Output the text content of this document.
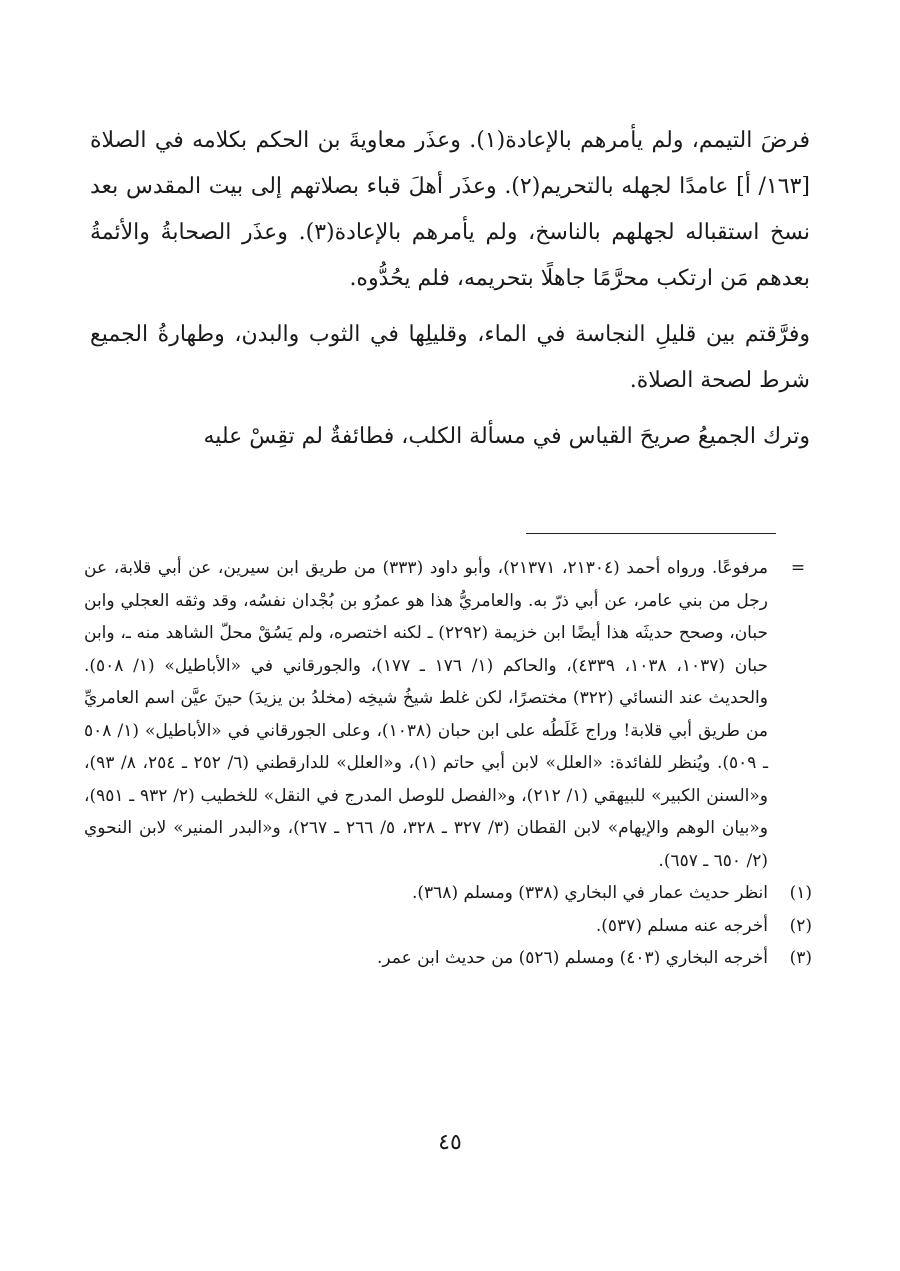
فرضَ التيمم، ولم يأمرهم بالإعادة(١). وعذَر معاويةَ بن الحكم بكلامه في الصلاة [١٦٣/ أ] عامدًا لجهله بالتحريم(٢). وعذَر أهلَ قباء بصلاتهم إلى بيت المقدس بعد نسخ استقباله لجهلهم بالناسخ، ولم يأمرهم بالإعادة(٣). وعذَر الصحابةُ والأئمةُ بعدهم مَن ارتكب محرَّمًا جاهلًا بتحريمه، فلم يحُدُّوه.

وفرَّقتم بين قليلِ النجاسة في الماء، وقليلِها في الثوب والبدن، وطهارةُ الجميع شرط لصحة الصلاة.

وترك الجميعُ صريحَ القياس في مسألة الكلب، فطائفةٌ لم تقِسْ عليه

=
مرفوعًا. ورواه أحمد (٢١٣٠٤، ٢١٣٧١)، وأبو داود (٣٣٣) من طريق ابن سيرين، عن أبي قلابة، عن رجل من بني عامر، عن أبي ذرّ به. والعامريُّ هذا هو عمرُو بن بُجْدان نفسُه، وقد وثقه العجلي وابن حبان، وصحح حديثَه هذا أيضًا ابن خزيمة (٢٢٩٢) ـ لكنه اختصره، ولم يَسُقْ محلّ الشاهد منه ـ، وابن حبان (١٠٣٧، ١٠٣٨، ٤٣٣٩)، والحاكم (١/ ١٧٦ ـ ١٧٧)، والجورقاني في «الأباطيل» (١/ ٥٠٨). والحديث عند النسائي (٣٢٢) مختصرًا، لكن غلط شيخُ شيخِه (مخلدُ بن يزيدَ) حينَ عيَّن اسم العامريِّ من طريق أبي قلابة! وراج غَلَطُه على ابن حبان (١٠٣٨)، وعلى الجورقاني في «الأباطيل» (١/ ٥٠٨ ـ ٥٠٩). ويُنظر للفائدة: «العلل» لابن أبي حاتم (١)، و«العلل» للدارقطني (٦/ ٢٥٢ ـ ٢٥٤، ٨/ ٩٣)، و«السنن الكبير» للبيهقي (١/ ٢١٢)، و«الفصل للوصل المدرج في النقل» للخطيب (٢/ ٩٣٢ ـ ٩٥١)، و«بيان الوهم والإيهام» لابن القطان (٣/ ٣٢٧ ـ ٣٢٨، ٥/ ٢٦٦ ـ ٢٦٧)، و«البدر المنير» لابن النحوي (٢/ ٦٥٠ ـ ٦٥٧).

(١)
انظر حديث عمار في البخاري (٣٣٨) ومسلم (٣٦٨).

(٢)
أخرجه عنه مسلم (٥٣٧).

(٣)
أخرجه البخاري (٤٠٣) ومسلم (٥٢٦) من حديث ابن عمر.

٤٥
